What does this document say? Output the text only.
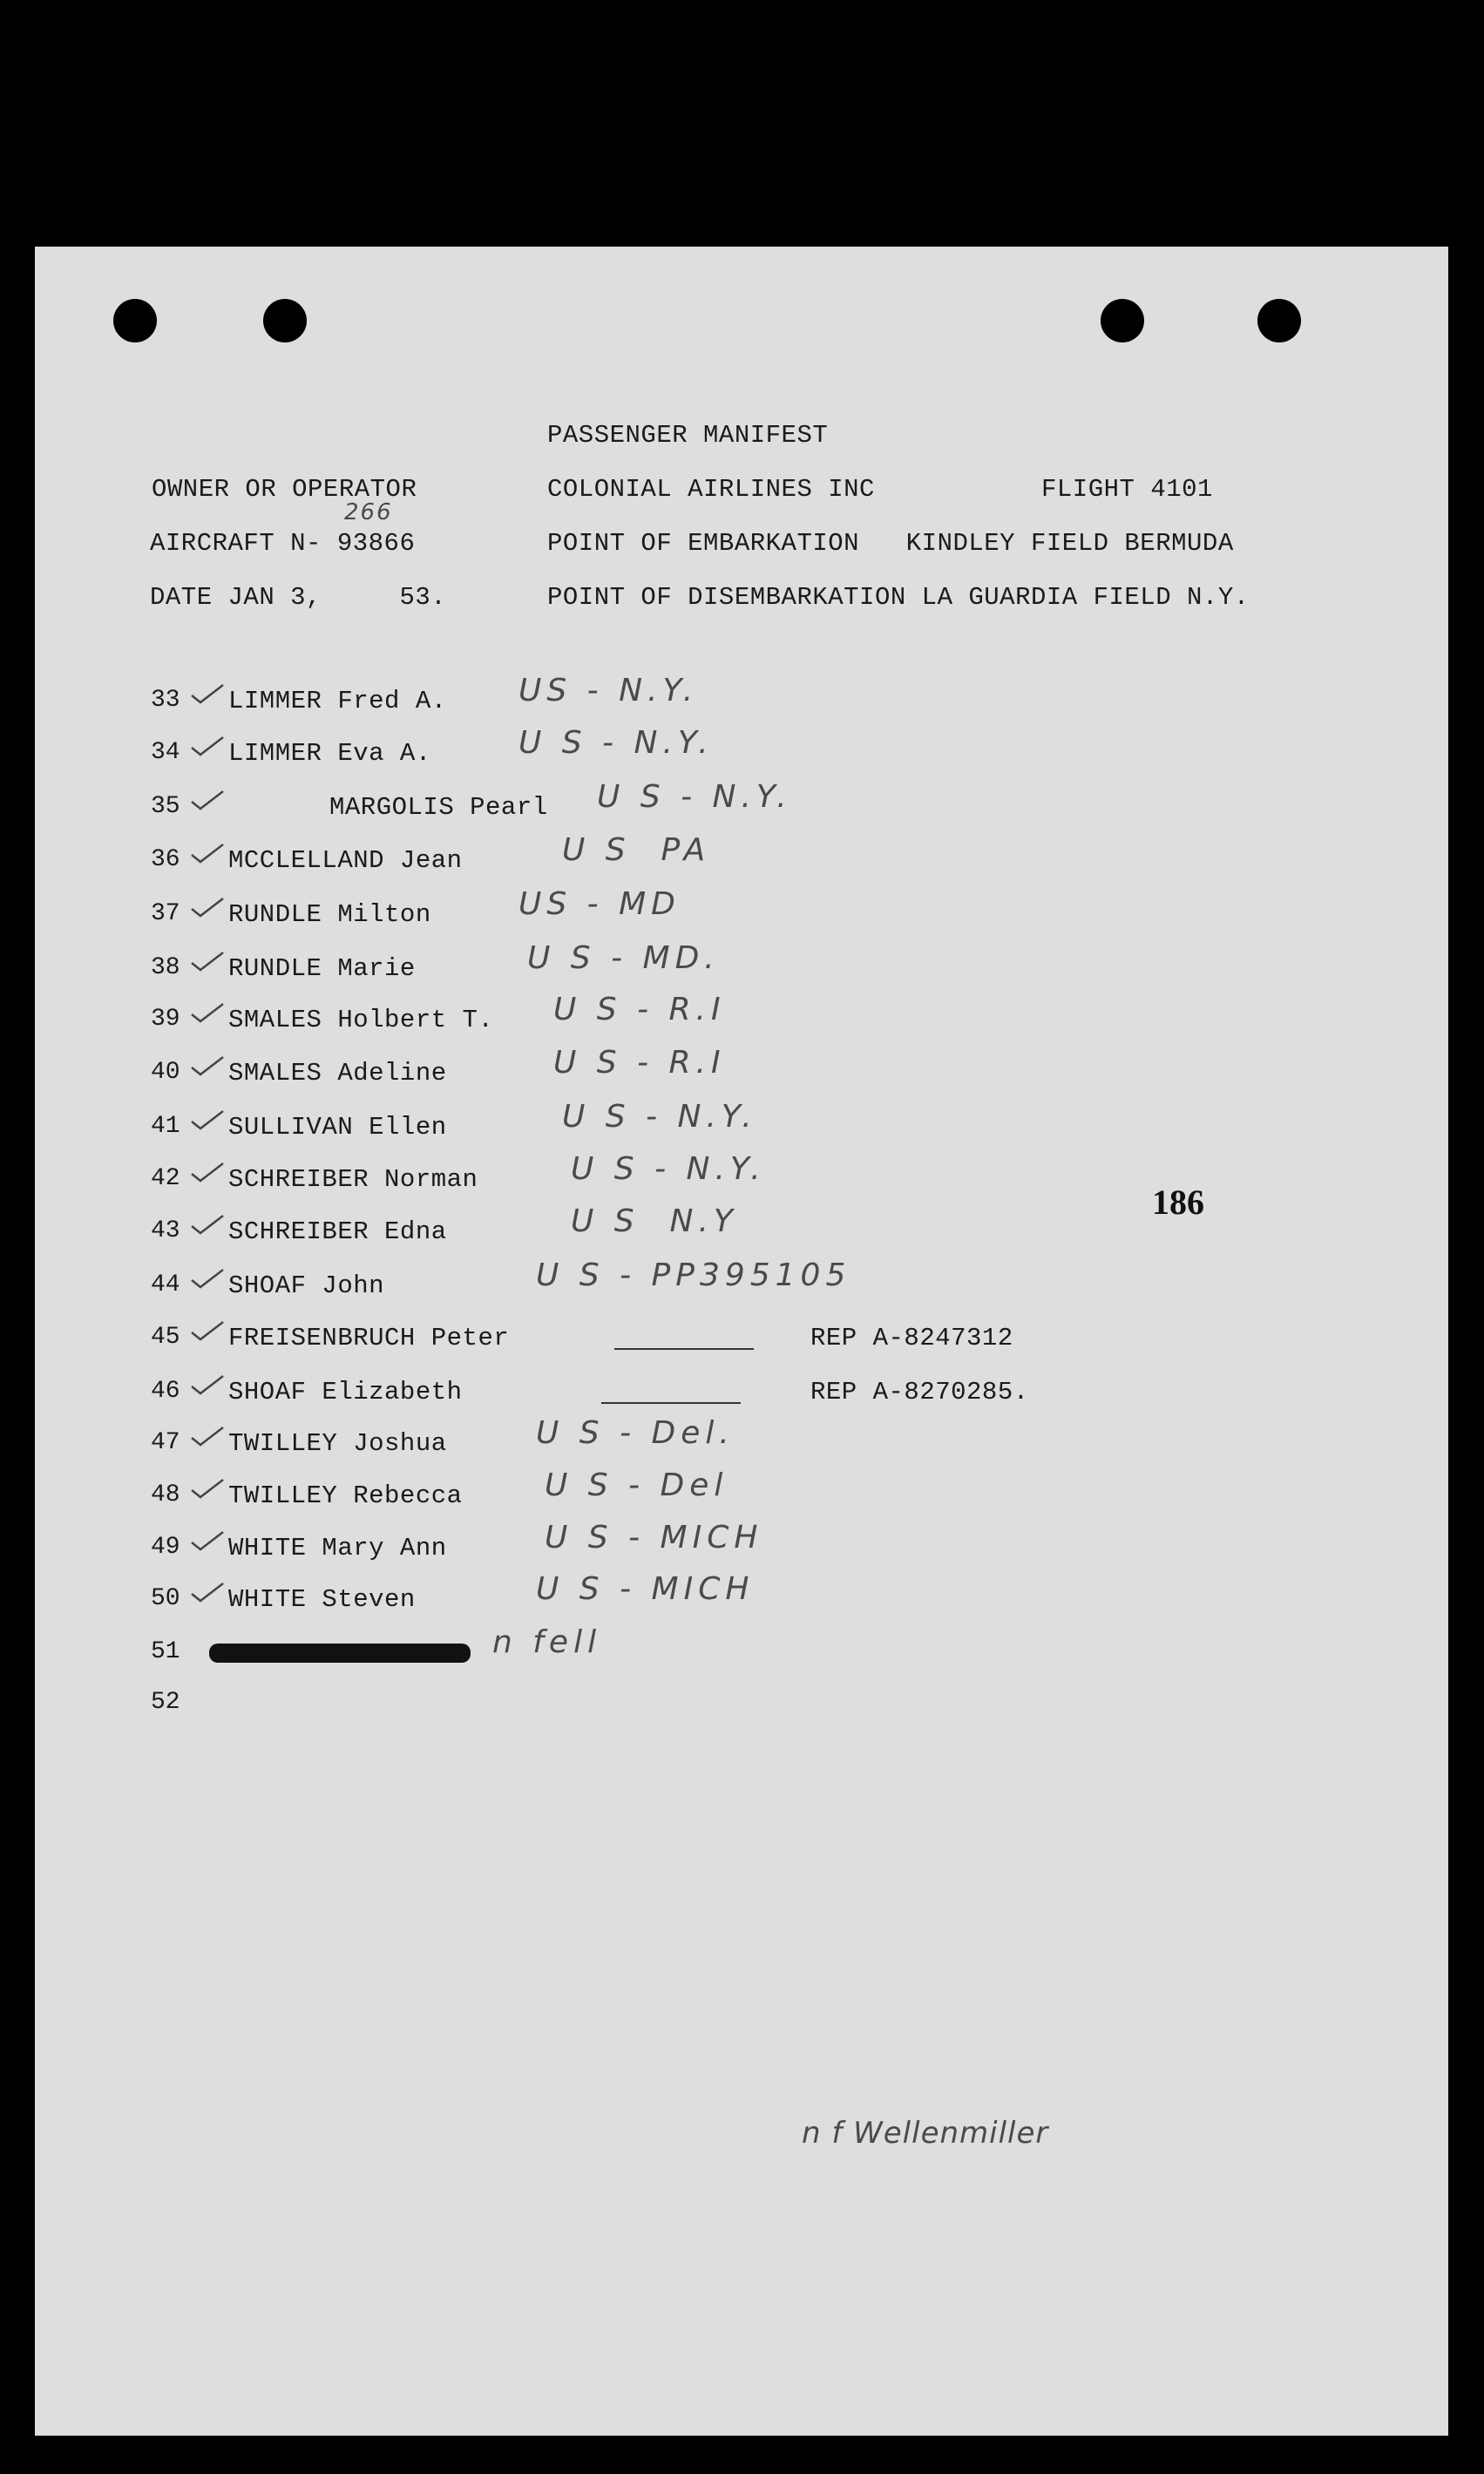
PASSENGER MANIFEST
OWNER OR OPERATOR	COLONIAL AIRLINES INC	FLIGHT 4101
AIRCRAFT N- 93866
266
POINT OF EMBARKATION   KINDLEY FIELD BERMUDA
DATE JAN 3,     53.	POINT OF DISEMBARKATION LA GUARDIA FIELD N.Y.
186
33 LIMMER Fred A. US - N.Y.
34 LIMMER Eva A.	U S - N.Y.
35	MARGOLIS Pearl U S - N.Y.
36 MCCLELLAND Jean	U S  PA
37 RUNDLE Milton	US - MD
38 RUNDLE Marie	U S - MD.
39 SMALES Holbert T. U S - R.I
40 SMALES Adeline	U S - R.I
41 SULLIVAN Ellen	U S - N.Y.
42 SCHREIBER Norman	U S - N.Y.
43 SCHREIBER Edna	U S  N.Y
44 SHOAF John	U S - PP395105
45 FREISENBRUCH Peter	REP A-8247312
46 SHOAF Elizabeth	REP A-8270285.
47 TWILLEY Joshua	U S - Del.
48 TWILLEY Rebecca	U S - Del
49 WHITE Mary Ann	U S - MICH
50 WHITE Steven	U S - MICH
51	n fell
52
n f Wellenmiller
